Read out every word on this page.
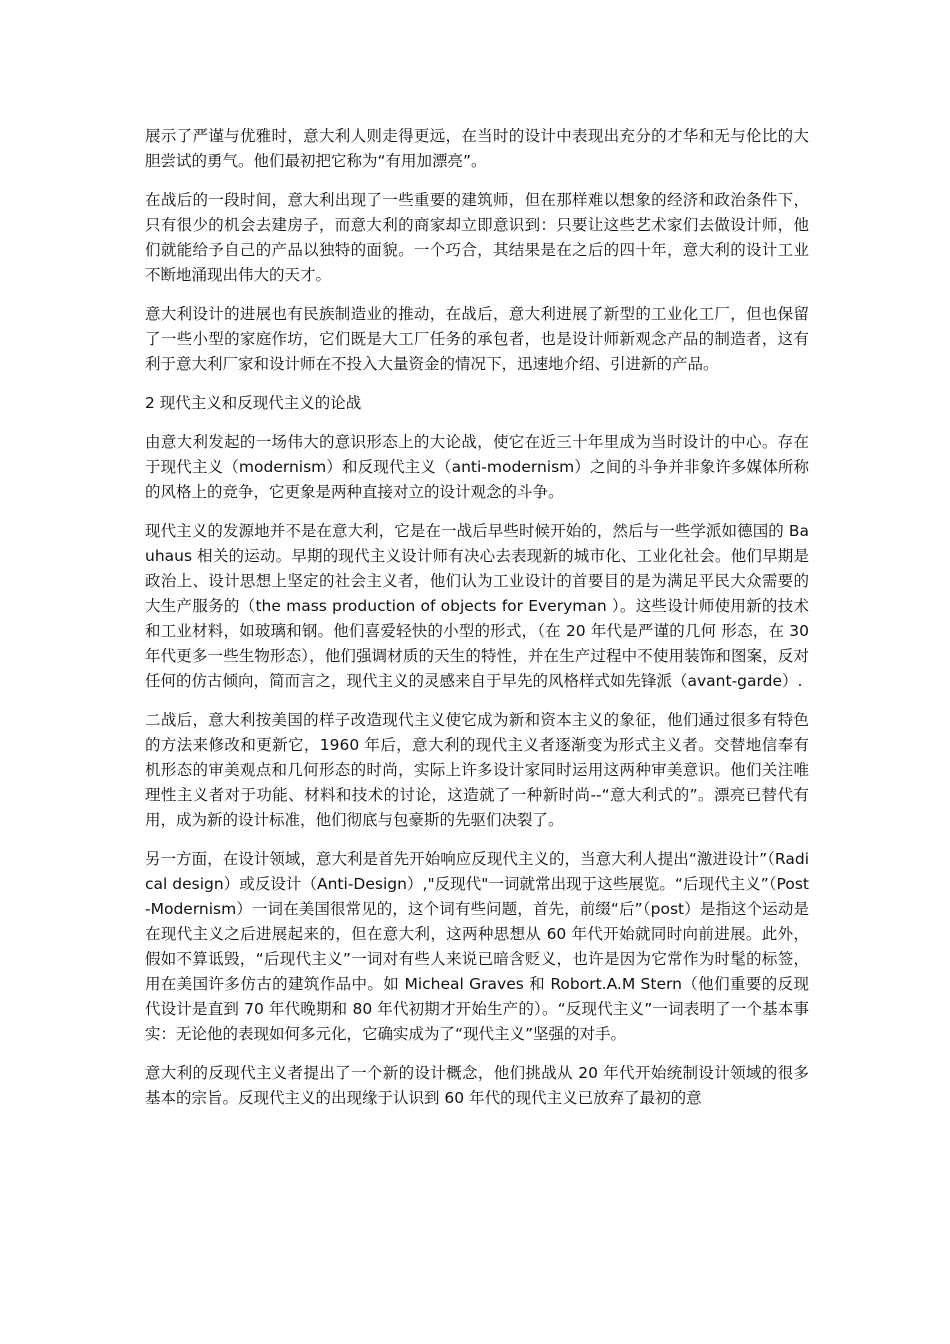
展示了严谨与优雅时，意大利人则走得更远，在当时的设计中表现出充分的才华和无与伦比的大胆尝试的勇气。他们最初把它称为“有用加漂亮”。

在战后的一段时间，意大利出现了一些重要的建筑师，但在那样难以想象的经济和政治条件下，只有很少的机会去建房子，而意大利的商家却立即意识到：只要让这些艺术家们去做设计师，他们就能给予自己的产品以独特的面貌。一个巧合，其结果是在之后的四十年，意大利的设计工业不断地涌现出伟大的天才。

意大利设计的进展也有民族制造业的推动，在战后，意大利进展了新型的工业化工厂，但也保留了一些小型的家庭作坊，它们既是大工厂任务的承包者，也是设计师新观念产品的制造者，这有利于意大利厂家和设计师在不投入大量资金的情况下，迅速地介绍、引进新的产品。

2 现代主义和反现代主义的论战

由意大利发起的一场伟大的意识形态上的大论战，使它在近三十年里成为当时设计的中心。存在于现代主义（modernism）和反现代主义（anti-modernism）之间的斗争并非象许多媒体所称的风格上的竞争，它更象是两种直接对立的设计观念的斗争。

现代主义的发源地并不是在意大利，它是在一战后早些时候开始的，然后与一些学派如德国的 Bauhaus 相关的运动。早期的现代主义设计师有决心去表现新的城市化、工业化社会。他们早期是政治上、设计思想上坚定的社会主义者，他们认为工业设计的首要目的是为满足平民大众需要的大生产服务的（the mass production of objects for Everyman ）。这些设计师使用新的技术和工业材料，如玻璃和钢。他们喜爱轻快的小型的形式，（在 20 年代是严谨的几何 形态，在 30 年代更多一些生物形态），他们强调材质的天生的特性，并在生产过程中不使用装饰和图案，反对任何的仿古倾向，简而言之，现代主义的灵感来自于早先的风格样式如先锋派（avant-garde）.

二战后，意大利按美国的样子改造现代主义使它成为新和资本主义的象征，他们通过很多有特色的方法来修改和更新它，1960 年后，意大利的现代主义者逐渐变为形式主义者。交替地信奉有机形态的审美观点和几何形态的时尚，实际上许多设计家同时运用这两种审美意识。他们关注唯理性主义者对于功能、材料和技术的讨论，这造就了一种新时尚--“意大利式的”。漂亮已替代有用，成为新的设计标准，他们彻底与包豪斯的先驱们决裂了。

另一方面，在设计领域，意大利是首先开始响应反现代主义的，当意大利人提出“激进设计”（Radical design）或反设计（Anti-Design）,"反现代"一词就常出现于这些展览。“后现代主义”（Post-Modernism）一词在美国很常见的，这个词有些问题，首先，前缀“后”（post）是指这个运动是在现代主义之后进展起来的，但在意大利，这两种思想从 60 年代开始就同时向前进展。此外，假如不算诋毁，“后现代主义”一词对有些人来说已暗含贬义，也许是因为它常作为时髦的标签，用在美国许多仿古的建筑作品中。如 Micheal Graves 和 Robort.A.M Stern（他们重要的反现代设计是直到 70 年代晚期和 80 年代初期才开始生产的）。“反现代主义”一词表明了一个基本事实：无论他的表现如何多元化，它确实成为了“现代主义”坚强的对手。

意大利的反现代主义者提出了一个新的设计概念，他们挑战从 20 年代开始统制设计领域的很多基本的宗旨。反现代主义的出现缘于认识到 60 年代的现代主义已放弃了最初的意
